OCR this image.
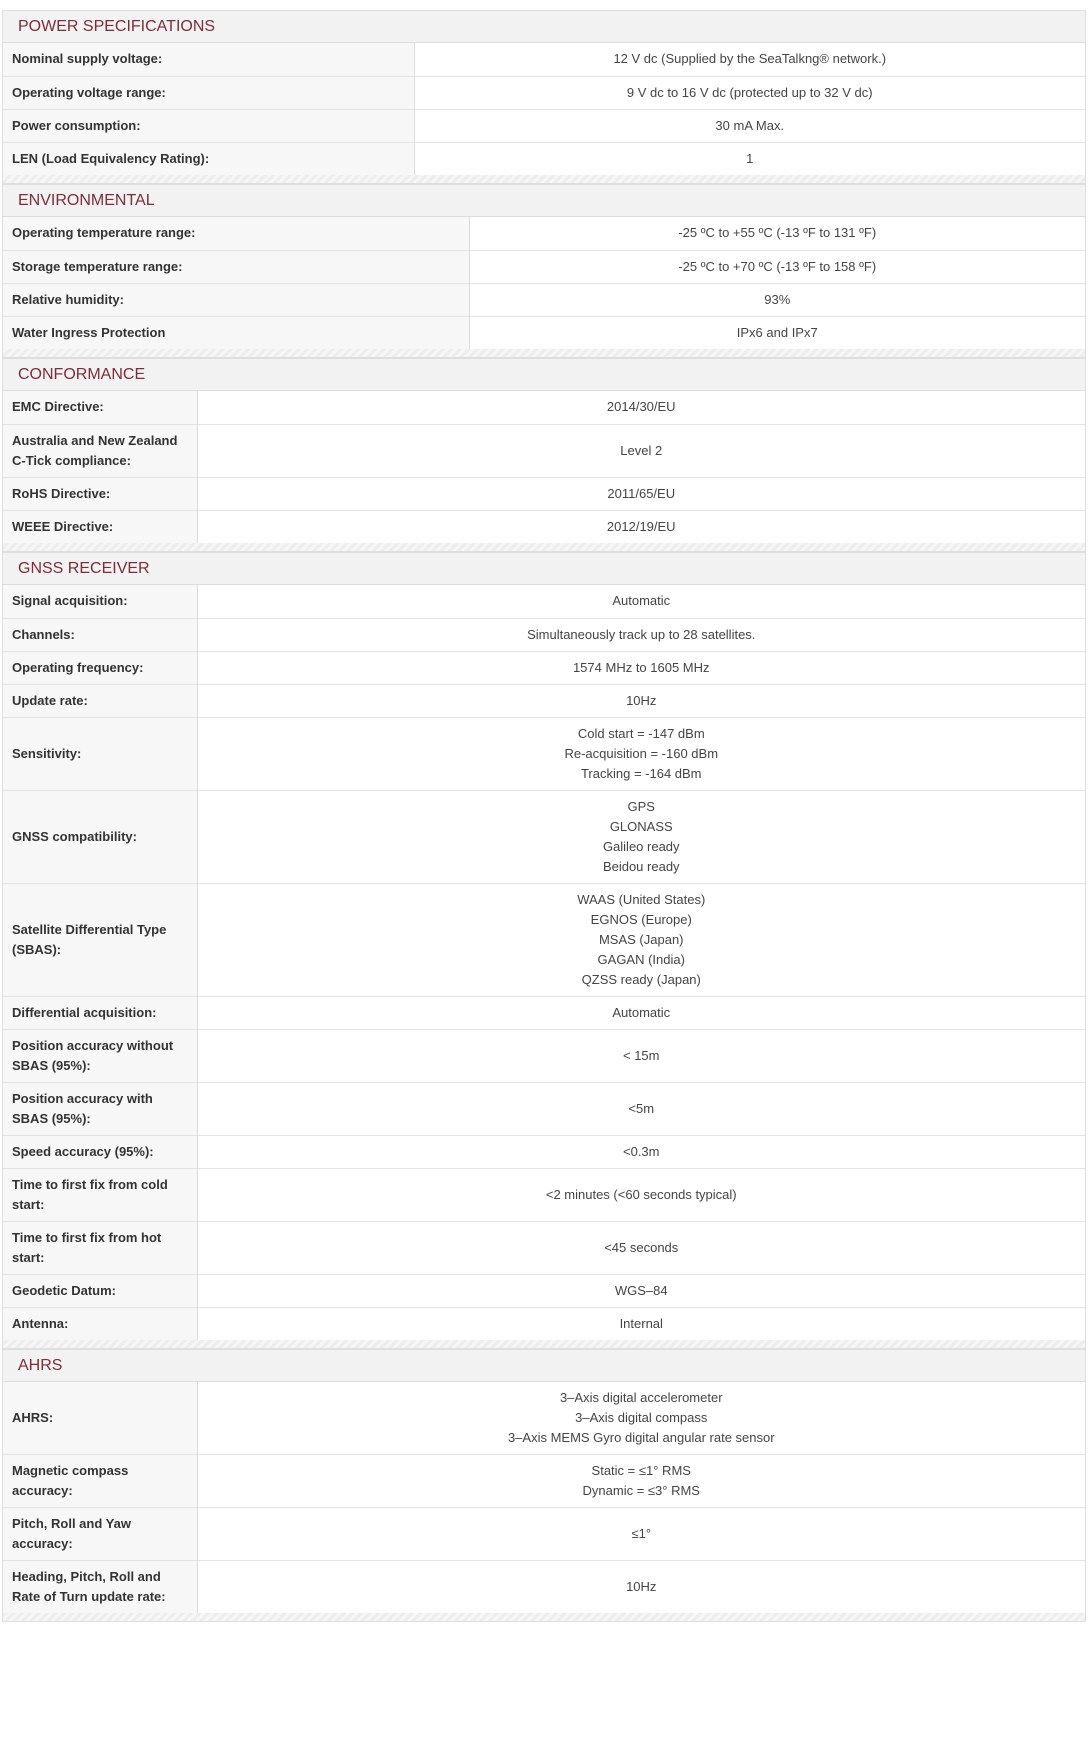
POWER SPECIFICATIONS
Nominal supply voltage:	12 V dc (Supplied by the SeaTalkng® network.)

Operating voltage range:	9 V dc to 16 V dc (protected up to 32 V dc)

Power consumption:	30 mA Max.

LEN (Load Equivalency Rating):	1
ENVIRONMENTAL
Operating temperature range:	-25 ºC to +55 ºC (-13 ºF to 131 ºF)

Storage temperature range:	-25 ºC to +70 ºC (-13 ºF to 158 ºF)

Relative humidity:	93%

Water Ingress Protection	IPx6 and IPx7
CONFORMANCE
EMC Directive:	2014/30/EU

Australia and New Zealand C-Tick compliance:	Level 2

RoHS Directive:	2011/65/EU

WEEE Directive:	2012/19/EU
GNSS RECEIVER
Signal acquisition:	Automatic

Channels:	Simultaneously track up to 28 satellites.

Operating frequency:	1574 MHz to 1605 MHz

Update rate:	10Hz

Sensitivity:	Cold start = -147 dBm
Re-acquisition = -160 dBm
Tracking = -164 dBm

GNSS compatibility:	GPS
GLONASS
Galileo ready
Beidou ready

Satellite Differential Type (SBAS):	WAAS (United States)
EGNOS (Europe)
MSAS (Japan)
GAGAN (India)
QZSS ready (Japan)

Differential acquisition:	Automatic

Position accuracy without SBAS (95%):	< 15m

Position accuracy with SBAS (95%):	<5m

Speed accuracy (95%):	<0.3m

Time to first fix from cold start:	<2 minutes (<60 seconds typical)

Time to first fix from hot start:	<45 seconds

Geodetic Datum:	WGS–84

Antenna:	Internal
AHRS
AHRS:	3–Axis digital accelerometer
3–Axis digital compass
3–Axis MEMS Gyro digital angular rate sensor

Magnetic compass accuracy:	Static = ≤1° RMS
Dynamic = ≤3° RMS

Pitch, Roll and Yaw accuracy:	≤1°

Heading, Pitch, Roll and Rate of Turn update rate:	10Hz
